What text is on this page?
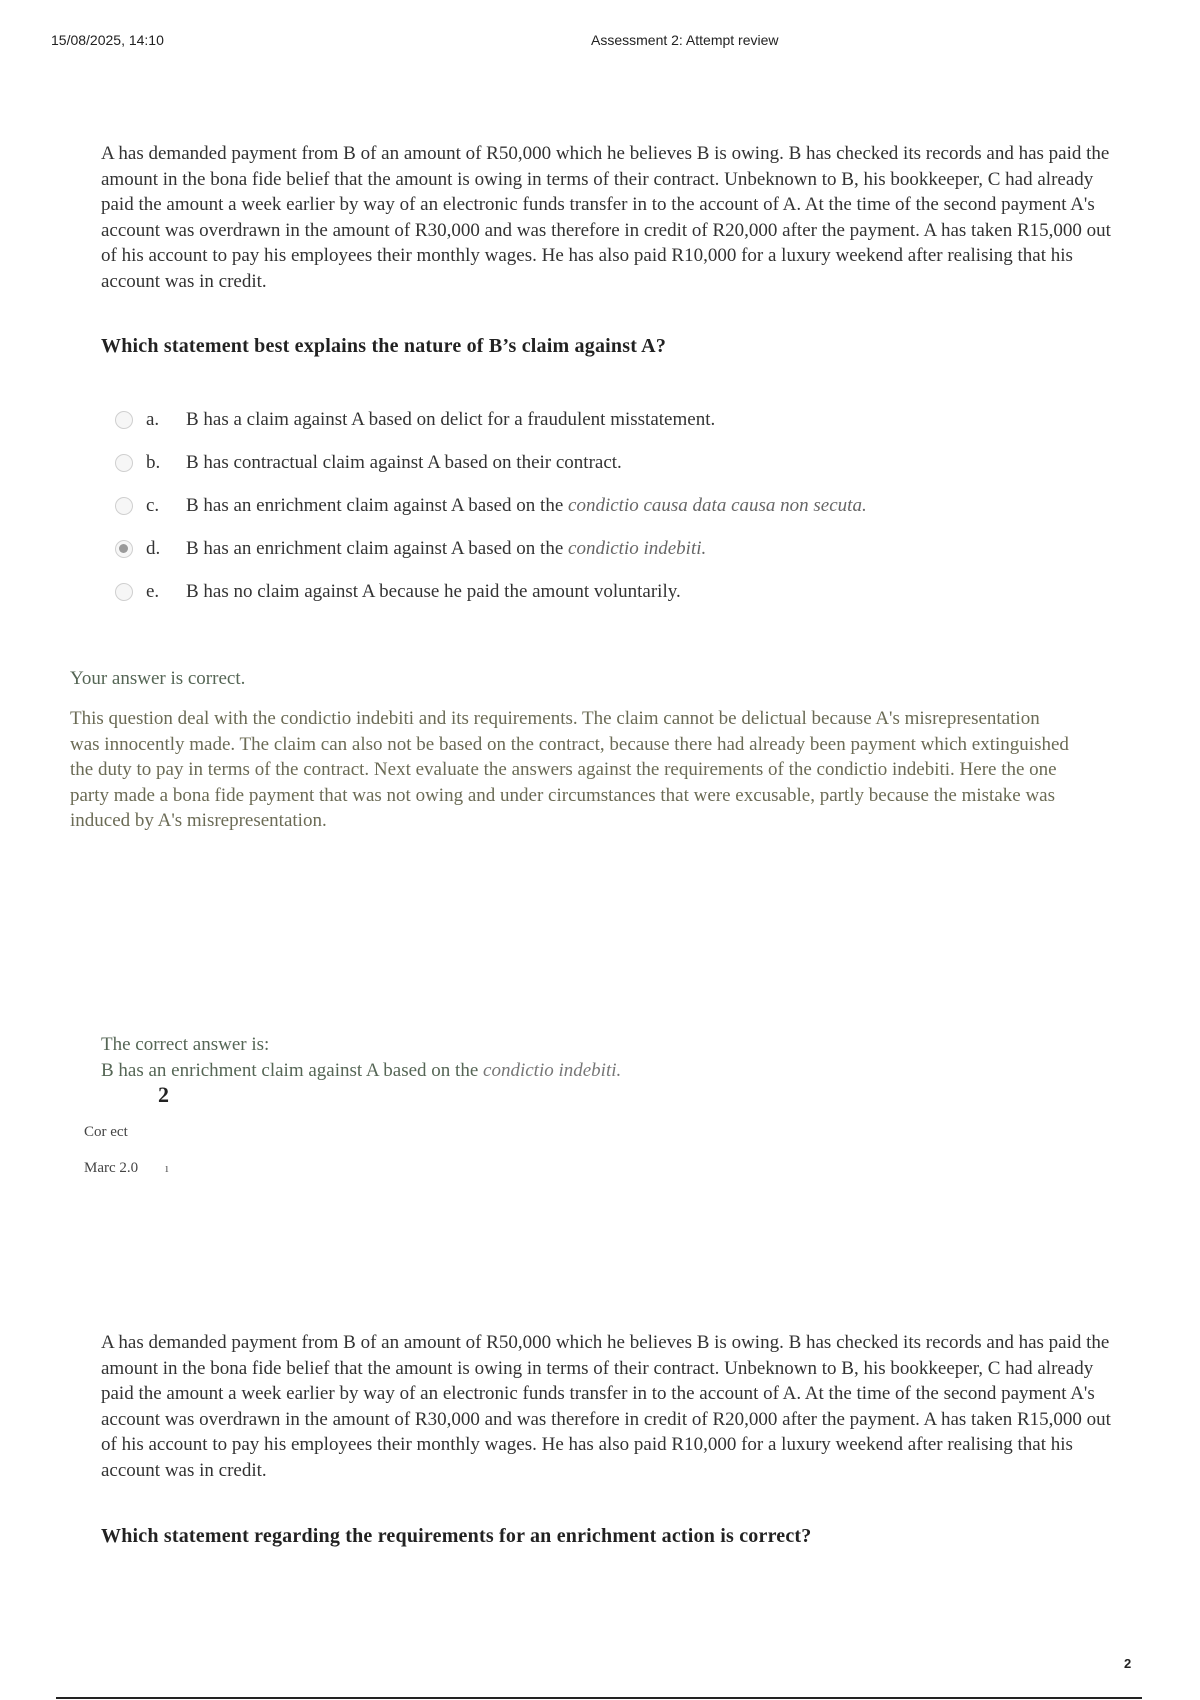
15/08/2025, 14:10	Assessment 2: Attempt review
A has demanded payment from B of an amount of R50,000 which he believes B is owing. B has checked its records and has paid the amount in the bona fide belief that the amount is owing in terms of their contract. Unbeknown to B, his bookkeeper, C had already paid the amount a week earlier by way of an electronic funds transfer in to the account of A. At the time of the second payment A's account was overdrawn in the amount of R30,000 and was therefore in credit of R20,000 after the payment. A has taken R15,000 out of his account to pay his employees their monthly wages. He has also paid R10,000 for a luxury weekend after realising that his account was in credit.
Which statement best explains the nature of B’s claim against A?
a.	B has a claim against A based on delict for a fraudulent misstatement.
b.	B has contractual claim against A based on their contract.
c.	B has an enrichment claim against A based on the condictio causa data causa non secuta.
d.	B has an enrichment claim against A based on the condictio indebiti.
e.	B has no claim against A because he paid the amount voluntarily.
Your answer is correct.
This question deal with the condictio indebiti and its requirements. The claim cannot be delictual because A's misrepresentation was innocently made. The claim can also not be based on the contract, because there had already been payment which extinguished the duty to pay in terms of the contract. Next evaluate the answers against the requirements of the condictio indebiti. Here the one party made a bona fide payment that was not owing and under circumstances that were excusable, partly because the mistake was induced by A's misrepresentation.
The correct answer is:
B has an enrichment claim against A based on the condictio indebiti.
2
Cor ect
Marc 2.0 ı
A has demanded payment from B of an amount of R50,000 which he believes B is owing. B has checked its records and has paid the amount in the bona fide belief that the amount is owing in terms of their contract. Unbeknown to B, his bookkeeper, C had already paid the amount a week earlier by way of an electronic funds transfer in to the account of A. At the time of the second payment A's account was overdrawn in the amount of R30,000 and was therefore in credit of R20,000 after the payment. A has taken R15,000 out of his account to pay his employees their monthly wages. He has also paid R10,000 for a luxury weekend after realising that his account was in credit.
Which statement regarding the requirements for an enrichment action is correct?
2
